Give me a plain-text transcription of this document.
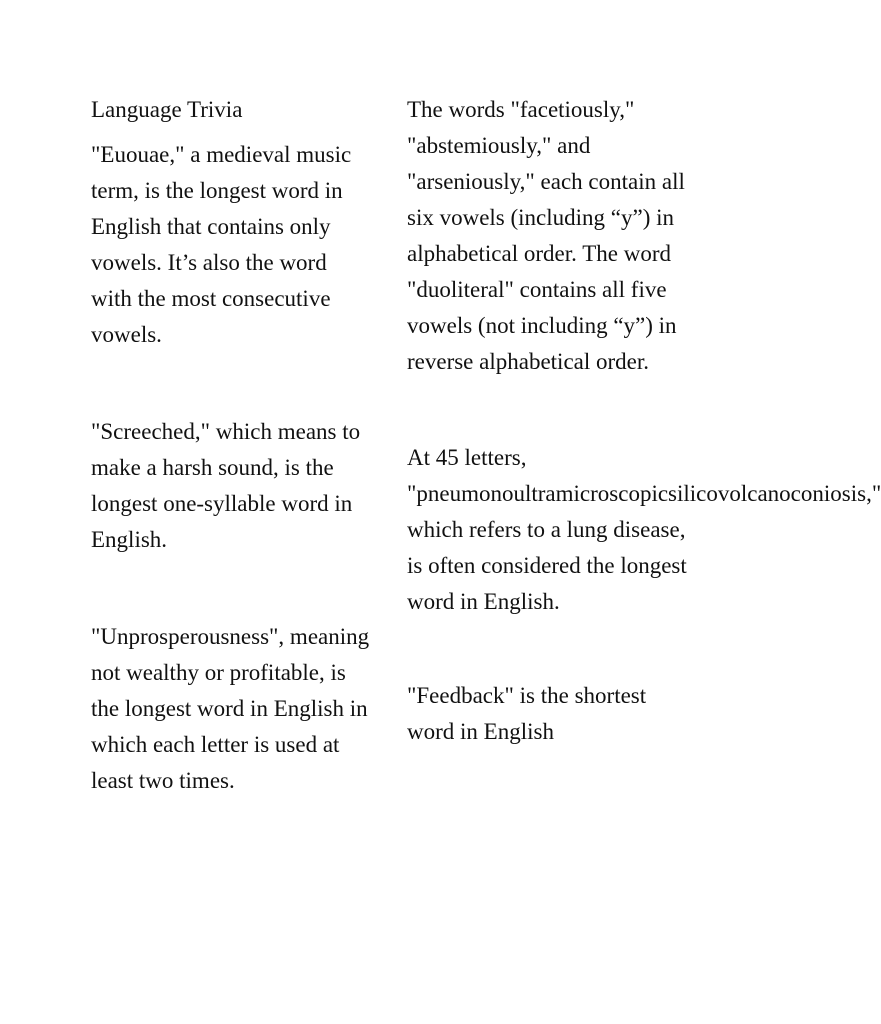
Language Trivia

"Euouae," a medieval music term, is the longest word in English that contains only vowels. It’s also the word with the most consecutive vowels.

"Screeched," which means to make a harsh sound, is the longest one-syllable word in English.

"Unprosperousness", meaning not wealthy or profitable, is the longest word in English in which each letter is used at least two times.

The words "facetiously," "abstemiously," and "arseniously," each contain all six vowels (including “y”) in alphabetical order. The word "duoliteral" contains all five vowels (not including “y”) in reverse alphabetical order.

At 45 letters, "pneumonoultramicroscopicsilicovolcanoconiosis," which refers to a lung disease, is often considered the longest word in English.

"Feedback" is the shortest word in English
